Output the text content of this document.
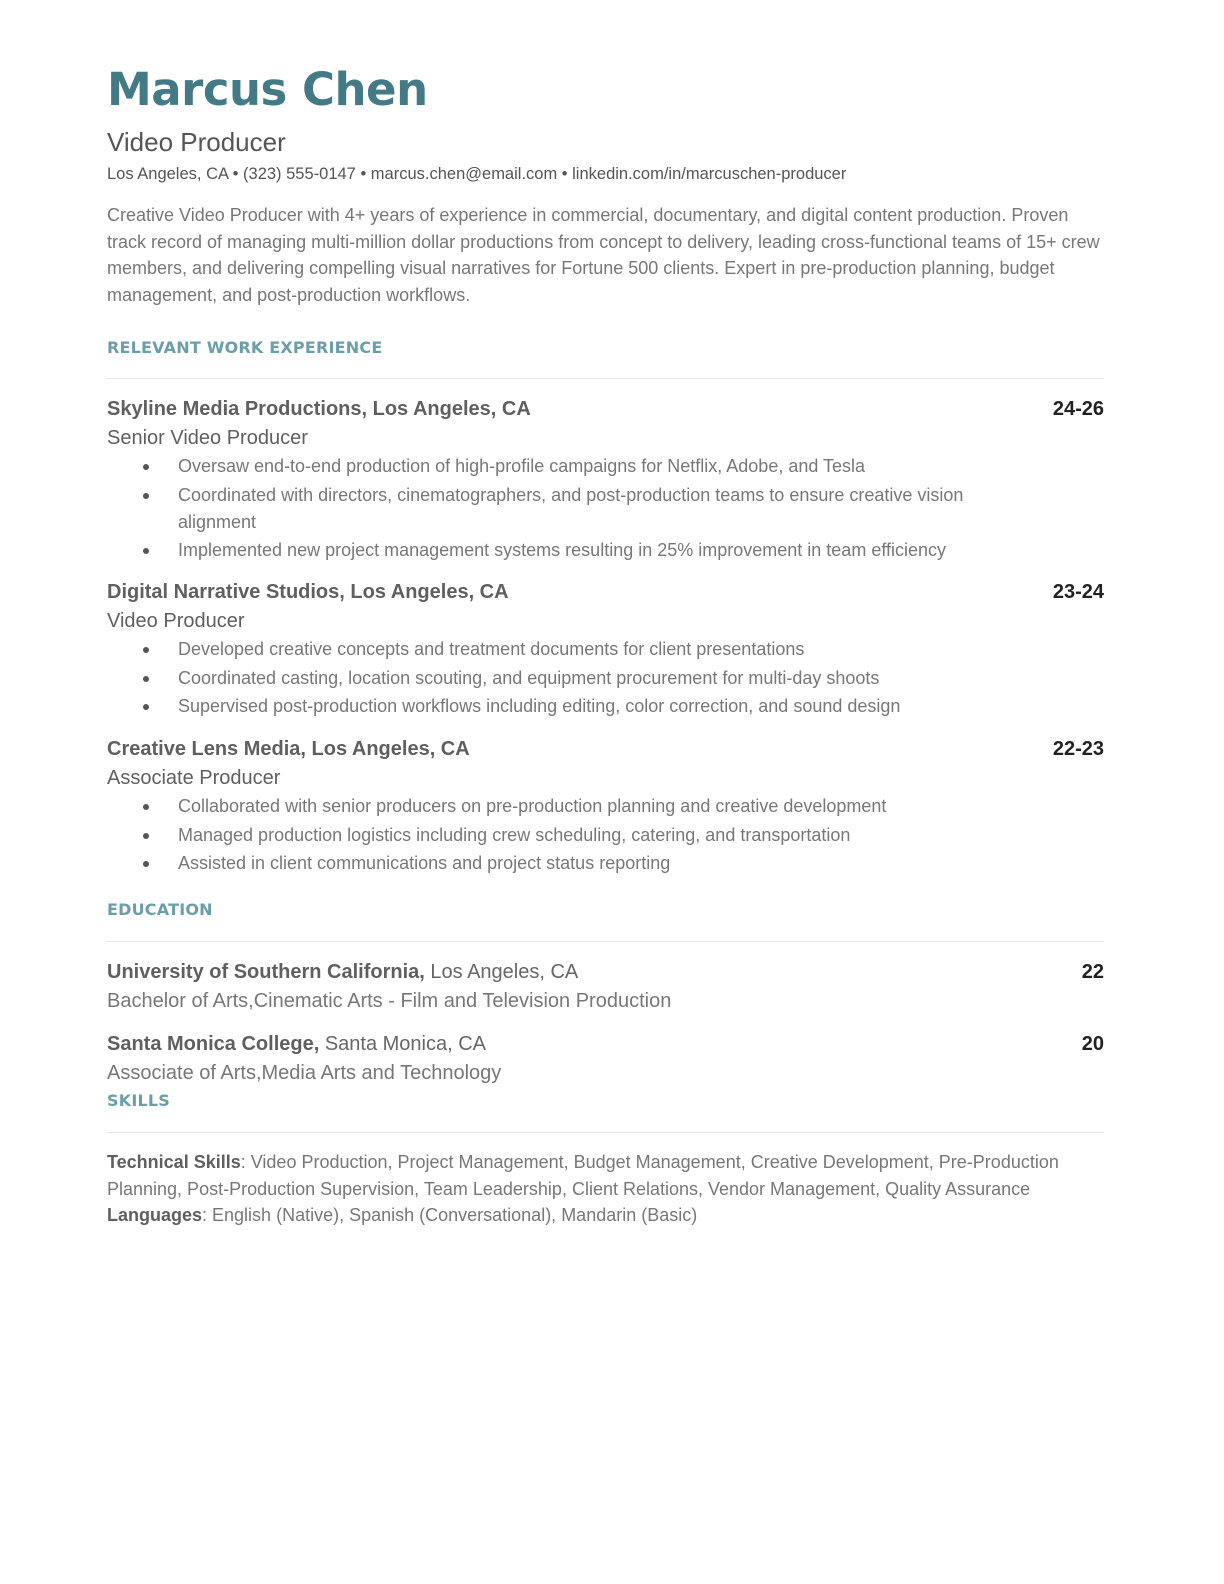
Marcus Chen
Video Producer
Los Angeles, CA • (323) 555-0147 • marcus.chen@email.com • linkedin.com/in/marcuschen-producer
Creative Video Producer with 4+ years of experience in commercial, documentary, and digital content production. Proven track record of managing multi-million dollar productions from concept to delivery, leading cross-functional teams of 15+ crew members, and delivering compelling visual narratives for Fortune 500 clients. Expert in pre-production planning, budget management, and post-production workflows.
RELEVANT WORK EXPERIENCE
Skyline Media Productions, Los Angeles, CA	24-26
Senior Video Producer
Oversaw end-to-end production of high-profile campaigns for Netflix, Adobe, and Tesla
Coordinated with directors, cinematographers, and post-production teams to ensure creative vision alignment
Implemented new project management systems resulting in 25% improvement in team efficiency
Digital Narrative Studios, Los Angeles, CA	23-24
Video Producer
Developed creative concepts and treatment documents for client presentations
Coordinated casting, location scouting, and equipment procurement for multi-day shoots
Supervised post-production workflows including editing, color correction, and sound design
Creative Lens Media, Los Angeles, CA	22-23
Associate Producer
Collaborated with senior producers on pre-production planning and creative development
Managed production logistics including crew scheduling, catering, and transportation
Assisted in client communications and project status reporting
EDUCATION
University of Southern California, Los Angeles, CA	22
Bachelor of Arts,Cinematic Arts - Film and Television Production
Santa Monica College, Santa Monica, CA	20
Associate of Arts,Media Arts and Technology
SKILLS
Technical Skills: Video Production, Project Management, Budget Management, Creative Development, Pre-Production Planning, Post-Production Supervision, Team Leadership, Client Relations, Vendor Management, Quality Assurance
Languages: English (Native), Spanish (Conversational), Mandarin (Basic)
